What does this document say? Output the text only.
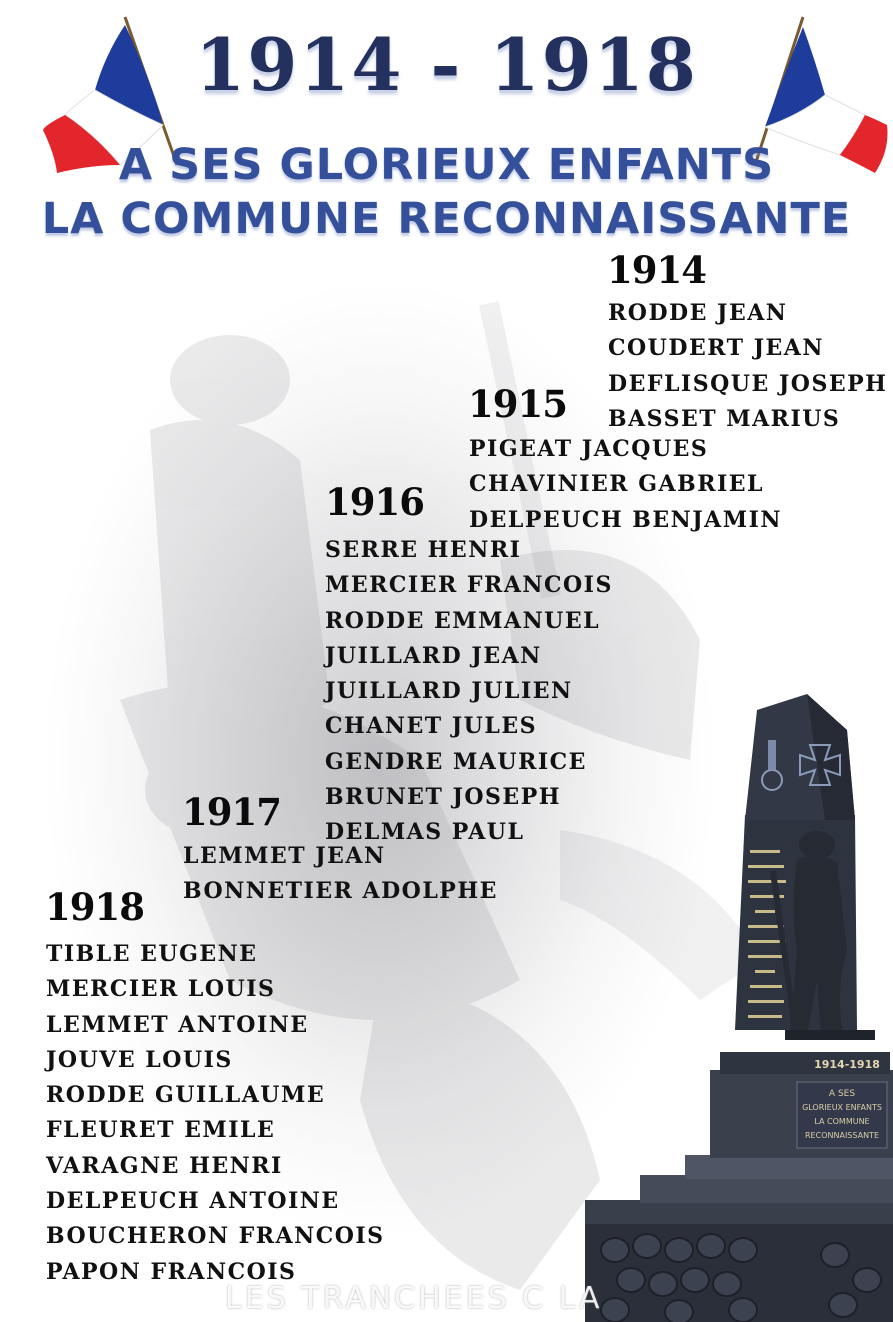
1914 - 1918
A SES GLORIEUX ENFANTS
LA COMMUNE RECONNAISSANTE
1914
RODDE JEAN
COUDERT JEAN
DEFLISQUE JOSEPH
BASSET MARIUS
1915
PIGEAT JACQUES
CHAVINIER GABRIEL
DELPEUCH BENJAMIN
1916
SERRE HENRI
MERCIER FRANCOIS
RODDE EMMANUEL
JUILLARD JEAN
JUILLARD JULIEN
CHANET JULES
GENDRE MAURICE
BRUNET JOSEPH
DELMAS PAUL
1917
LEMMET JEAN
BONNETIER ADOLPHE
1918
TIBLE EUGENE
MERCIER LOUIS
LEMMET ANTOINE
JOUVE LOUIS
RODDE GUILLAUME
FLEURET EMILE
VARAGNE HENRI
DELPEUCH ANTOINE
BOUCHERON FRANCOIS
PAPON FRANCOIS
A SES
GLORIEUX ENFANTS
LA COMMUNE
RECONNAISSANTE
1914-1918
LES TRANCHEES C LA
